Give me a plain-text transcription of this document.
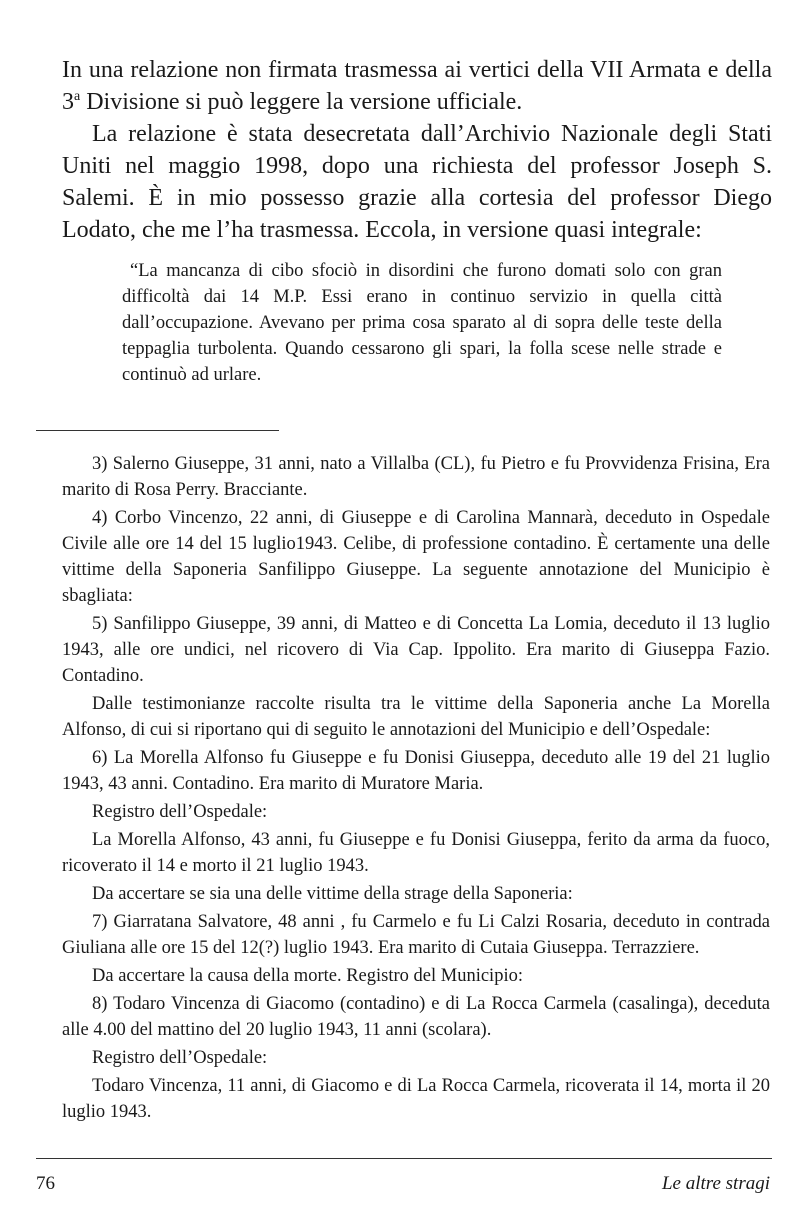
In una relazione non firmata trasmessa ai vertici della VII Armata e della 3$^a$ Divisione si può leggere la versione ufficiale.

La relazione è stata desecretata dall’Archivio Nazionale degli Stati Uniti nel maggio 1998, dopo una richiesta del professor Joseph S. Salemi. È in mio possesso grazie alla cortesia del professor Diego Lodato, che me l’ha trasmessa. Eccola, in versione quasi integrale:

“La mancanza di cibo sfociò in disordini che furono domati solo con gran difficoltà dai 14 M.P. Essi erano in continuo servizio in quella città dall’occupazione. Avevano per prima cosa sparato al di sopra delle teste della teppaglia turbolenta. Quando cessarono gli spari, la folla scese nelle strade e continuò ad urlare.

3) Salerno Giuseppe, 31 anni, nato a Villalba (CL), fu Pietro e fu Provvidenza Frisina, Era marito di Rosa Perry. Bracciante.

4) Corbo Vincenzo, 22 anni, di Giuseppe e di Carolina Mannarà, deceduto in Ospedale Civile alle ore 14 del 15 luglio1943. Celibe, di professione contadino. È certamente una delle vittime della Saponeria Sanfilippo Giuseppe. La seguente annotazione del Municipio è sbagliata:

5) Sanfilippo Giuseppe, 39 anni, di Matteo e di Concetta La Lomia, deceduto il 13 luglio 1943, alle ore undici, nel ricovero di Via Cap. Ippolito. Era marito di Giuseppa Fazio. Contadino.

Dalle testimonianze raccolte risulta tra le vittime della Saponeria anche La Morella Alfonso, di cui si riportano qui di seguito le annotazioni del Municipio e dell’Ospedale:

6) La Morella Alfonso fu Giuseppe e fu Donisi Giuseppa, deceduto alle 19 del 21 luglio 1943, 43 anni. Contadino. Era marito di Muratore Maria.

Registro dell’Ospedale:

La Morella Alfonso, 43 anni, fu Giuseppe e fu Donisi Giuseppa, ferito da arma da fuoco, ricoverato il 14 e morto il 21 luglio 1943.

Da accertare se sia una delle vittime della strage della Saponeria:

7) Giarratana Salvatore, 48 anni , fu Carmelo e fu Li Calzi Rosaria, deceduto in contrada Giuliana alle ore 15 del 12(?) luglio 1943. Era marito di Cutaia Giuseppa. Terrazziere.

Da accertare la causa della morte. Registro del Municipio:

8) Todaro Vincenza di Giacomo (contadino) e di La Rocca Carmela (casalinga), deceduta alle 4.00 del mattino del 20 luglio 1943, 11 anni (scolara).

Registro dell’Ospedale:

Todaro Vincenza, 11 anni, di Giacomo e di La Rocca Carmela, ricoverata il 14, morta il 20 luglio 1943.

76	Le altre stragi
